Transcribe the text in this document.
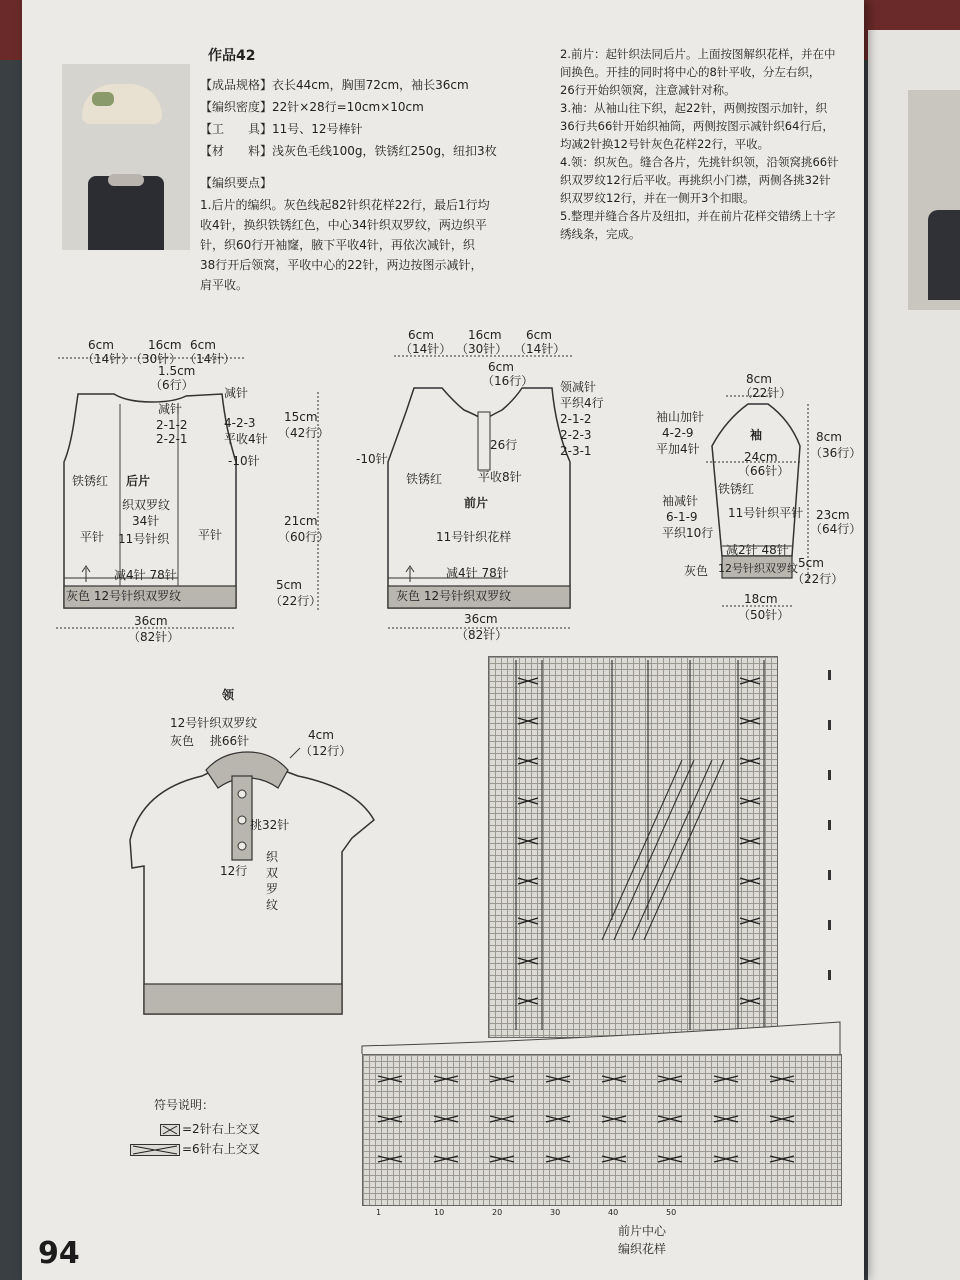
作品42
【成品规格】衣长44cm，胸围72cm，袖长36cm
【编织密度】22针×28行=10cm×10cm
【工　　具】11号、12号棒针
【材　　料】浅灰色毛线100g，铁锈红250g，纽扣3枚
【编织要点】
1.后片的编织。灰色线起82针织花样22行，最后1行均
收4针，换织铁锈红色，中心34针织双罗纹，两边织平
针，织60行开袖窿，腋下平收4针，再依次减针，织
38行开后领窝，平收中心的22针，两边按图示减针，
肩平收。
2.前片：起针织法同后片。上面按图解织花样，并在中
间换色。开挂的同时将中心的8针平收，分左右织，
26行开始织领窝，注意减针对称。
3.袖：从袖山往下织，起22针，两侧按图示加针，织
36行共66针开始织袖筒，两侧按图示减针织64行后，
均减2针换12号针灰色花样22行，平收。
4.领：织灰色。缝合各片，先挑针织领，沿领窝挑66针
织双罗纹12行后平收。再挑织小门襟，两侧各挑32针
织双罗纹12行，并在一侧开3个扣眼。
5.整理并缝合各片及纽扣，并在前片花样交错绣上十字
绣线条，完成。
6cm	16cm 6cm
（14针）
（30针） （14针）
1.5cm
（6行）
减针
减针
2-1-2
2-2-1
4-2-3
平收4针
-10针
15cm
（42行）
21cm
（60行）
5cm
（22行）
铁锈红 后片
织双罗纹
34针
11号针织
平针	平针
减4针 78针
灰色 12号针织双罗纹
36cm
（82针）
6cm	16cm 6cm
（14针） （30针） （14针）
6cm
（16行） 领减针
平织4行
2-1-2
2-2-3
2-3-1
26行
平收8针
-10针
铁锈红
前片
11号针织花样
减4针 78针
灰色 12号针织双罗纹
36cm
（82针）
8cm
（22针）
袖山加针
4-2-9
平加4针
袖	8cm
（36行）
24cm
（66针）
铁锈红
11号针织平针
袖减针
6-1-9
平织10行
23cm
（64行）
减2针 48针
灰色 12号针织双罗纹 5cm
（22行）
18cm
（50针）
领
12号针织双罗纹
灰色　 挑66针	4cm
（12行）
挑32针
12行
织
双
罗
纹
1	10	20	30	40	50
前片中心
编织花样
符号说明：
=2针右上交叉
=6针右上交叉
94
